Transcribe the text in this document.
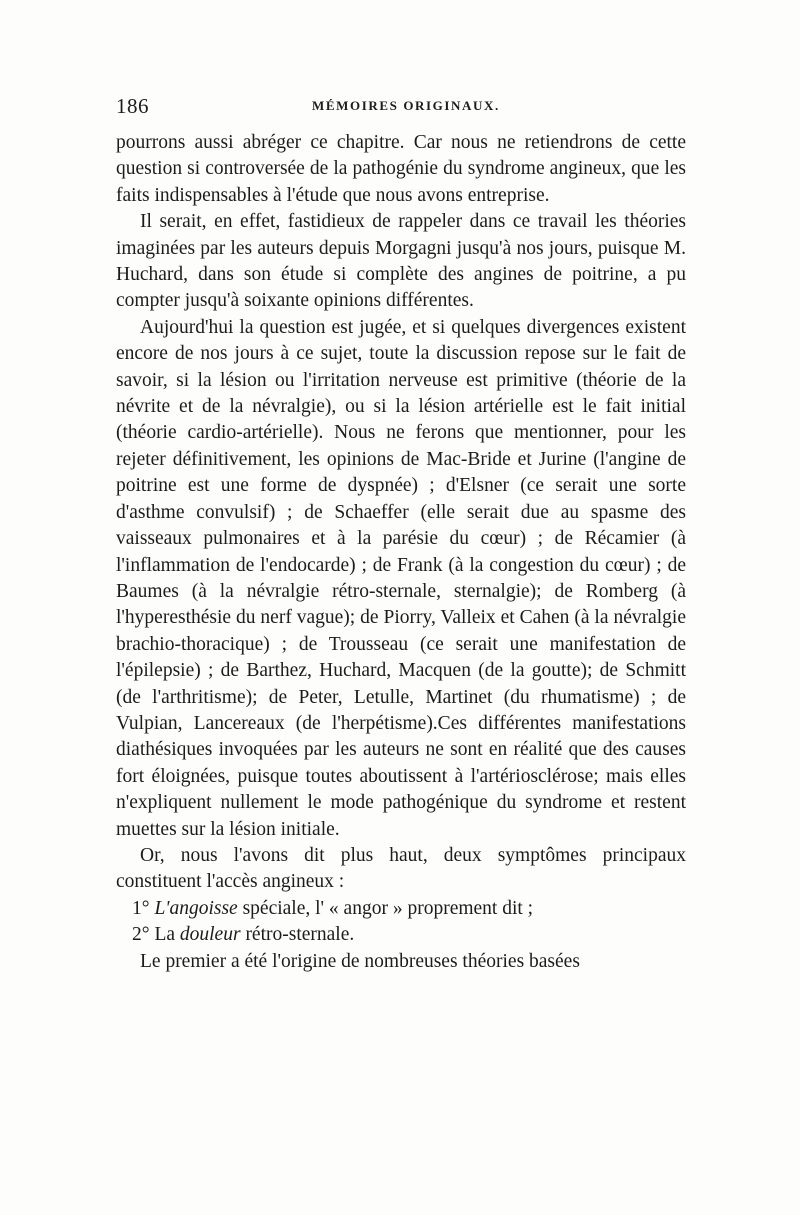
186	MÉMOIRES ORIGINAUX.

pourrons aussi abréger ce chapitre. Car nous ne retiendrons de cette question si controversée de la pathogénie du syndrome angineux, que les faits indispensables à l'étude que nous avons entreprise.

Il serait, en effet, fastidieux de rappeler dans ce travail les théories imaginées par les auteurs depuis Morgagni jusqu'à nos jours, puisque M. Huchard, dans son étude si complète des angines de poitrine, a pu compter jusqu'à soixante opinions différentes.

Aujourd'hui la question est jugée, et si quelques divergences existent encore de nos jours à ce sujet, toute la discussion repose sur le fait de savoir, si la lésion ou l'irritation nerveuse est primitive (théorie de la névrite et de la névralgie), ou si la lésion artérielle est le fait initial (théorie cardio-artérielle). Nous ne ferons que mentionner, pour les rejeter définitivement, les opinions de Mac-Bride et Jurine (l'angine de poitrine est une forme de dyspnée) ; d'Elsner (ce serait une sorte d'asthme convulsif) ; de Schaeffer (elle serait due au spasme des vaisseaux pulmonaires et à la parésie du cœur) ; de Récamier (à l'inflammation de l'endocarde) ; de Frank (à la congestion du cœur) ; de Baumes (à la névralgie rétro-sternale, sternalgie); de Romberg (à l'hyperesthésie du nerf vague); de Piorry, Valleix et Cahen (à la névralgie brachio-thoracique) ; de Trousseau (ce serait une manifestation de l'épilepsie) ; de Barthez, Huchard, Macquen (de la goutte); de Schmitt (de l'arthritisme); de Peter, Letulle, Martinet (du rhumatisme) ; de Vulpian, Lancereaux (de l'herpétisme).Ces différentes manifestations diathésiques invoquées par les auteurs ne sont en réalité que des causes fort éloignées, puisque toutes aboutissent à l'artériosclérose; mais elles n'expliquent nullement le mode pathogénique du syndrome et restent muettes sur la lésion initiale.

Or, nous l'avons dit plus haut, deux symptômes principaux constituent l'accès angineux :

1° L'angoisse spéciale, l' « angor » proprement dit ;

2° La douleur rétro-sternale.

Le premier a été l'origine de nombreuses théories basées
